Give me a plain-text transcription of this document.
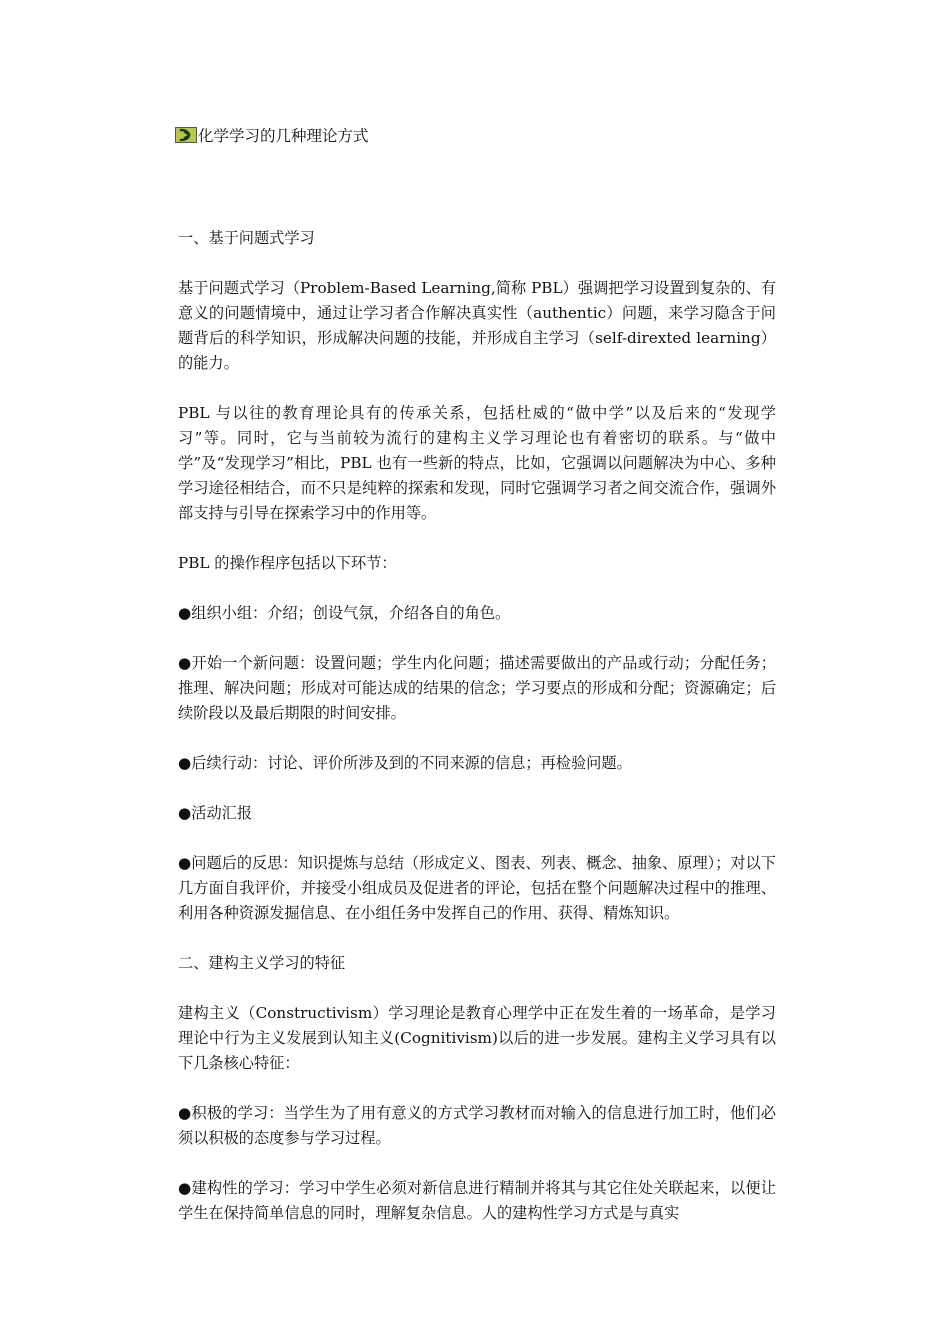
化学学习的几种理论方式
一、基于问题式学习

基于问题式学习（Problem-Based Learning,简称 PBL）强调把学习设置到复杂的、有意义的问题情境中，通过让学习者合作解决真实性（authentic）问题，来学习隐含于问题背后的科学知识，形成解决问题的技能，并形成自主学习（self-direxted learning）的能力。

PBL 与以往的教育理论具有的传承关系，包括杜威的“做中学”以及后来的“发现学习”等。同时，它与当前较为流行的建构主义学习理论也有着密切的联系。与“做中学”及“发现学习”相比，PBL 也有一些新的特点，比如，它强调以问题解决为中心、多种学习途径相结合，而不只是纯粹的探索和发现，同时它强调学习者之间交流合作，强调外部支持与引导在探索学习中的作用等。

PBL 的操作程序包括以下环节：

●组织小组：介绍；创设气氛，介绍各自的角色。

●开始一个新问题：设置问题；学生内化问题；描述需要做出的产品或行动；分配任务；推理、解决问题；形成对可能达成的结果的信念；学习要点的形成和分配；资源确定；后续阶段以及最后期限的时间安排。

●后续行动：讨论、评价所涉及到的不同来源的信息；再检验问题。

●活动汇报

●问题后的反思：知识提炼与总结（形成定义、图表、列表、概念、抽象、原理）；对以下几方面自我评价，并接受小组成员及促进者的评论，包括在整个问题解决过程中的推理、利用各种资源发掘信息、在小组任务中发挥自己的作用、获得、精炼知识。

二、建构主义学习的特征

建构主义（Constructivism）学习理论是教育心理学中正在发生着的一场革命，是学习理论中行为主义发展到认知主义(Cognitivism)以后的进一步发展。建构主义学习具有以下几条核心特征：

●积极的学习：当学生为了用有意义的方式学习教材而对输入的信息进行加工时，他们必须以积极的态度参与学习过程。

●建构性的学习：学习中学生必须对新信息进行精制并将其与其它住处关联起来，以便让学生在保持简单信息的同时，理解复杂信息。人的建构性学习方式是与真实
